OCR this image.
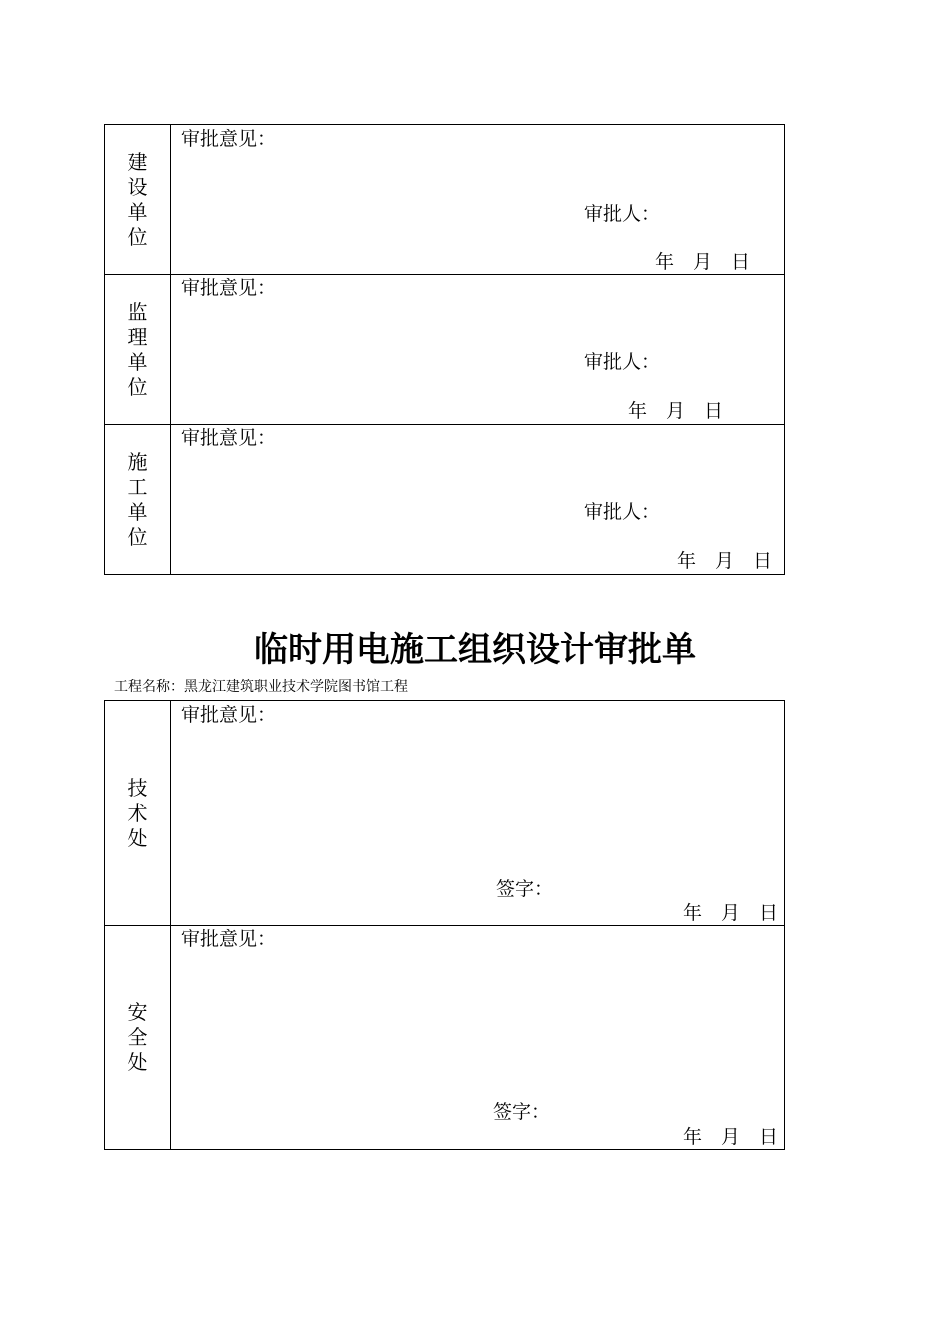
建
设
单
位
审批意见：
审批人：
年 月 日
监
理
单
位
审批意见：
审批人：
年 月 日
施
工
单
位
审批意见：
审批人：
年 月 日
临时用电施工组织设计审批单
工程名称：黑龙江建筑职业技术学院图书馆工程
技
术
处
审批意见：
签字：
年 月 日
安
全
处
审批意见：
签字：
年 月 日
